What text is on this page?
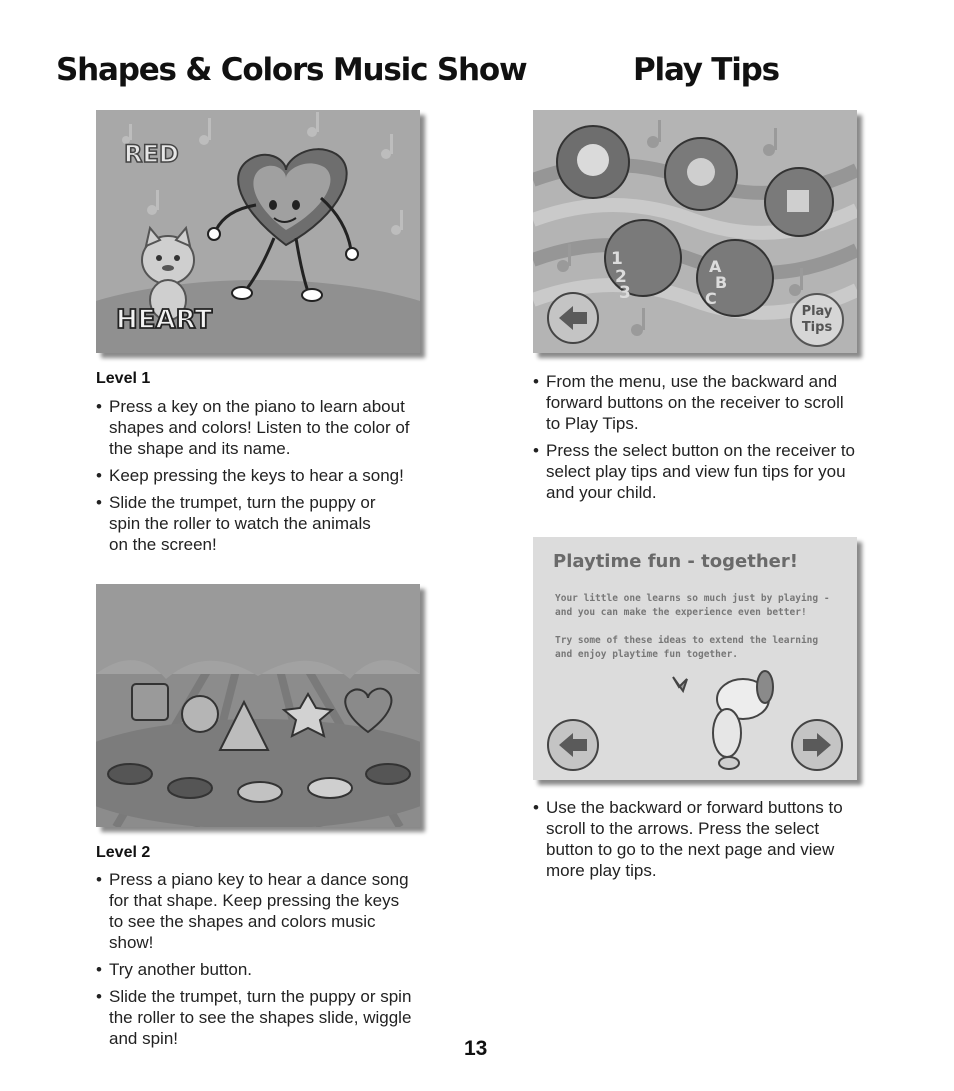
Shapes & Colors Music Show
RED
HEART
Level 1
• Press a key on the piano to learn about shapes and colors! Listen to the color of the shape and its name.
• Keep pressing the keys to hear a song!
• Slide the trumpet, turn the puppy or spin the roller to watch the animals on the screen!
Level 2
• Press a piano key to hear a dance song for that shape. Keep pressing the keys to see the shapes and colors music show!
• Try another button.
• Slide the trumpet, turn the puppy or spin the roller to see the shapes slide, wiggle and spin!
Play Tips
1
2
3
A
B
C
Play
Tips
• From the menu, use the backward and forward buttons on the receiver to scroll to Play Tips.
• Press the select button on the receiver to select play tips and view fun tips for you and your child.
Playtime fun - together!
Your little one learns so much just by playing -
and you can make the experience even better!
Try some of these ideas to extend the learning
and enjoy playtime fun together.
• Use the backward or forward buttons to scroll to the arrows. Press the select button to go to the next page and view more play tips.
13
